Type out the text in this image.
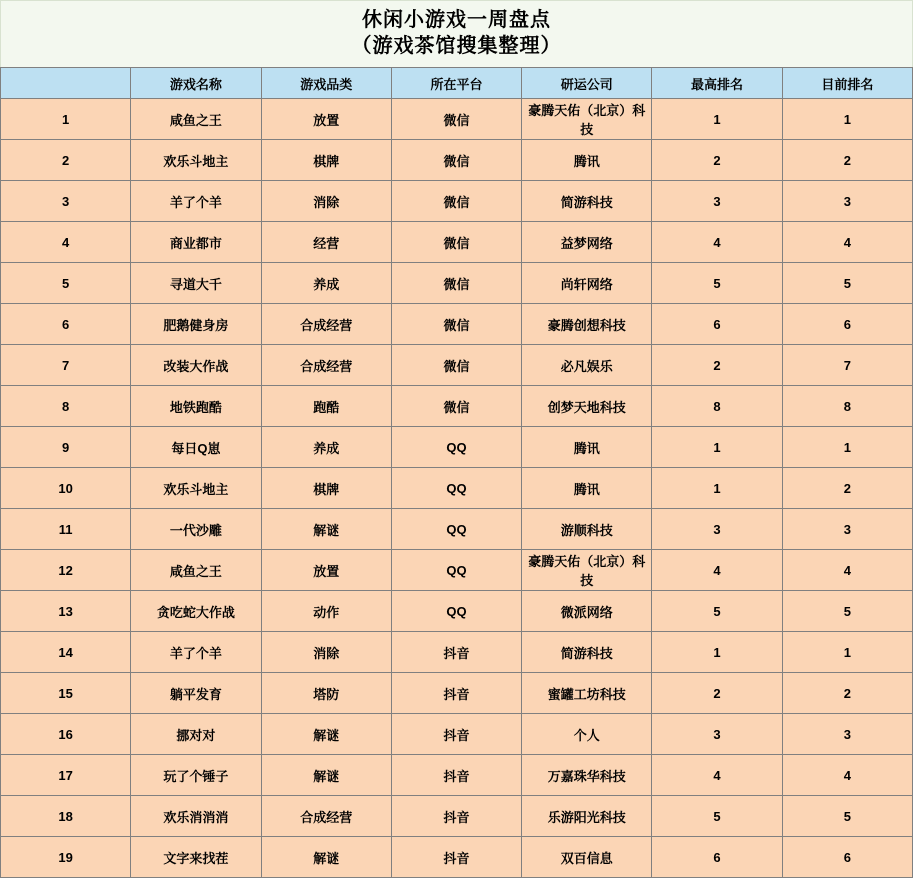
休闲小游戏一周盘点
（游戏茶馆搜集整理）
	游戏名称	游戏品类	所在平台	研运公司	最高排名	目前排名
1	咸鱼之王	放置	微信	豪腾天佑（北京）科技	1	1
2	欢乐斗地主	棋牌	微信	腾讯	2	2
3	羊了个羊	消除	微信	简游科技	3	3
4	商业都市	经营	微信	益梦网络	4	4
5	寻道大千	养成	微信	尚轩网络	5	5
6	肥鹅健身房	合成经营	微信	豪腾创想科技	6	6
7	改装大作战	合成经营	微信	必凡娱乐	2	7
8	地铁跑酷	跑酷	微信	创梦天地科技	8	8
9	每日Q崽	养成	QQ	腾讯	1	1
10	欢乐斗地主	棋牌	QQ	腾讯	1	2
11	一代沙雕	解谜	QQ	游顺科技	3	3
12	咸鱼之王	放置	QQ	豪腾天佑（北京）科技	4	4
13	贪吃蛇大作战	动作	QQ	微派网络	5	5
14	羊了个羊	消除	抖音	简游科技	1	1
15	躺平发育	塔防	抖音	蜜罐工坊科技	2	2
16	挪对对	解谜	抖音	个人	3	3
17	玩了个锤子	解谜	抖音	万嘉珠华科技	4	4
18	欢乐消消消	合成经营	抖音	乐游阳光科技	5	5
19	文字来找茬	解谜	抖音	双百信息	6	6
